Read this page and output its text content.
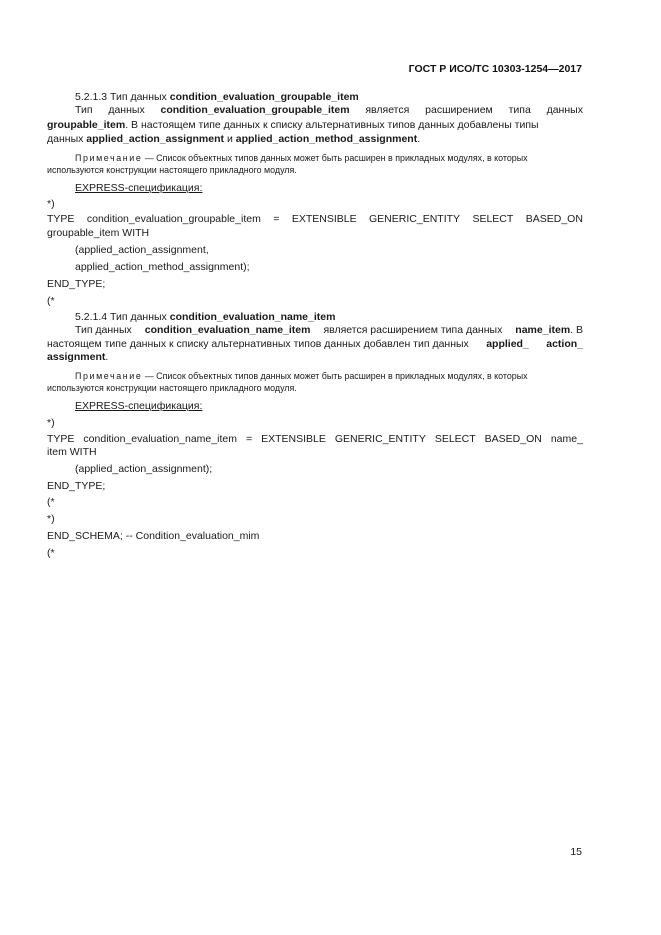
ГОСТ Р ИСО/ТС 10303-1254—2017
5.2.1.3 Тип данных condition_evaluation_groupable_item
Тип данных condition_evaluation_groupable_item является расширением типа данных
groupable_item. В настоящем типе данных к списку альтернативных типов данных добавлены типы
данных applied_action_assignment и applied_action_method_assignment.
Примечание — Список объектных типов данных может быть расширен в прикладных модулях, в которых
используются конструкции настоящего прикладного модуля.
EXPRESS-спецификация:
*)
TYPE condition_evaluation_groupable_item = EXTENSIBLE GENERIC_ENTITY SELECT BASED_ON
groupable_item WITH
(applied_action_assignment,
applied_action_method_assignment);
END_TYPE;
(*
5.2.1.4 Тип данных condition_evaluation_name_item
Тип данных condition_evaluation_name_item является расширением типа данных name_item. В
настоящем типе данных к списку альтернативных типов данных добавлен тип данных applied_ action_
assignment.
Примечание — Список объектных типов данных может быть расширен в прикладных модулях, в которых
используются конструкции настоящего прикладного модуля.
EXPRESS-спецификация:
*)
TYPE condition_evaluation_name_item = EXTENSIBLE GENERIC_ENTITY SELECT BASED_ON name_
item WITH
(applied_action_assignment);
END_TYPE;
(*
*)
END_SCHEMA; -- Condition_evaluation_mim
(*
15
